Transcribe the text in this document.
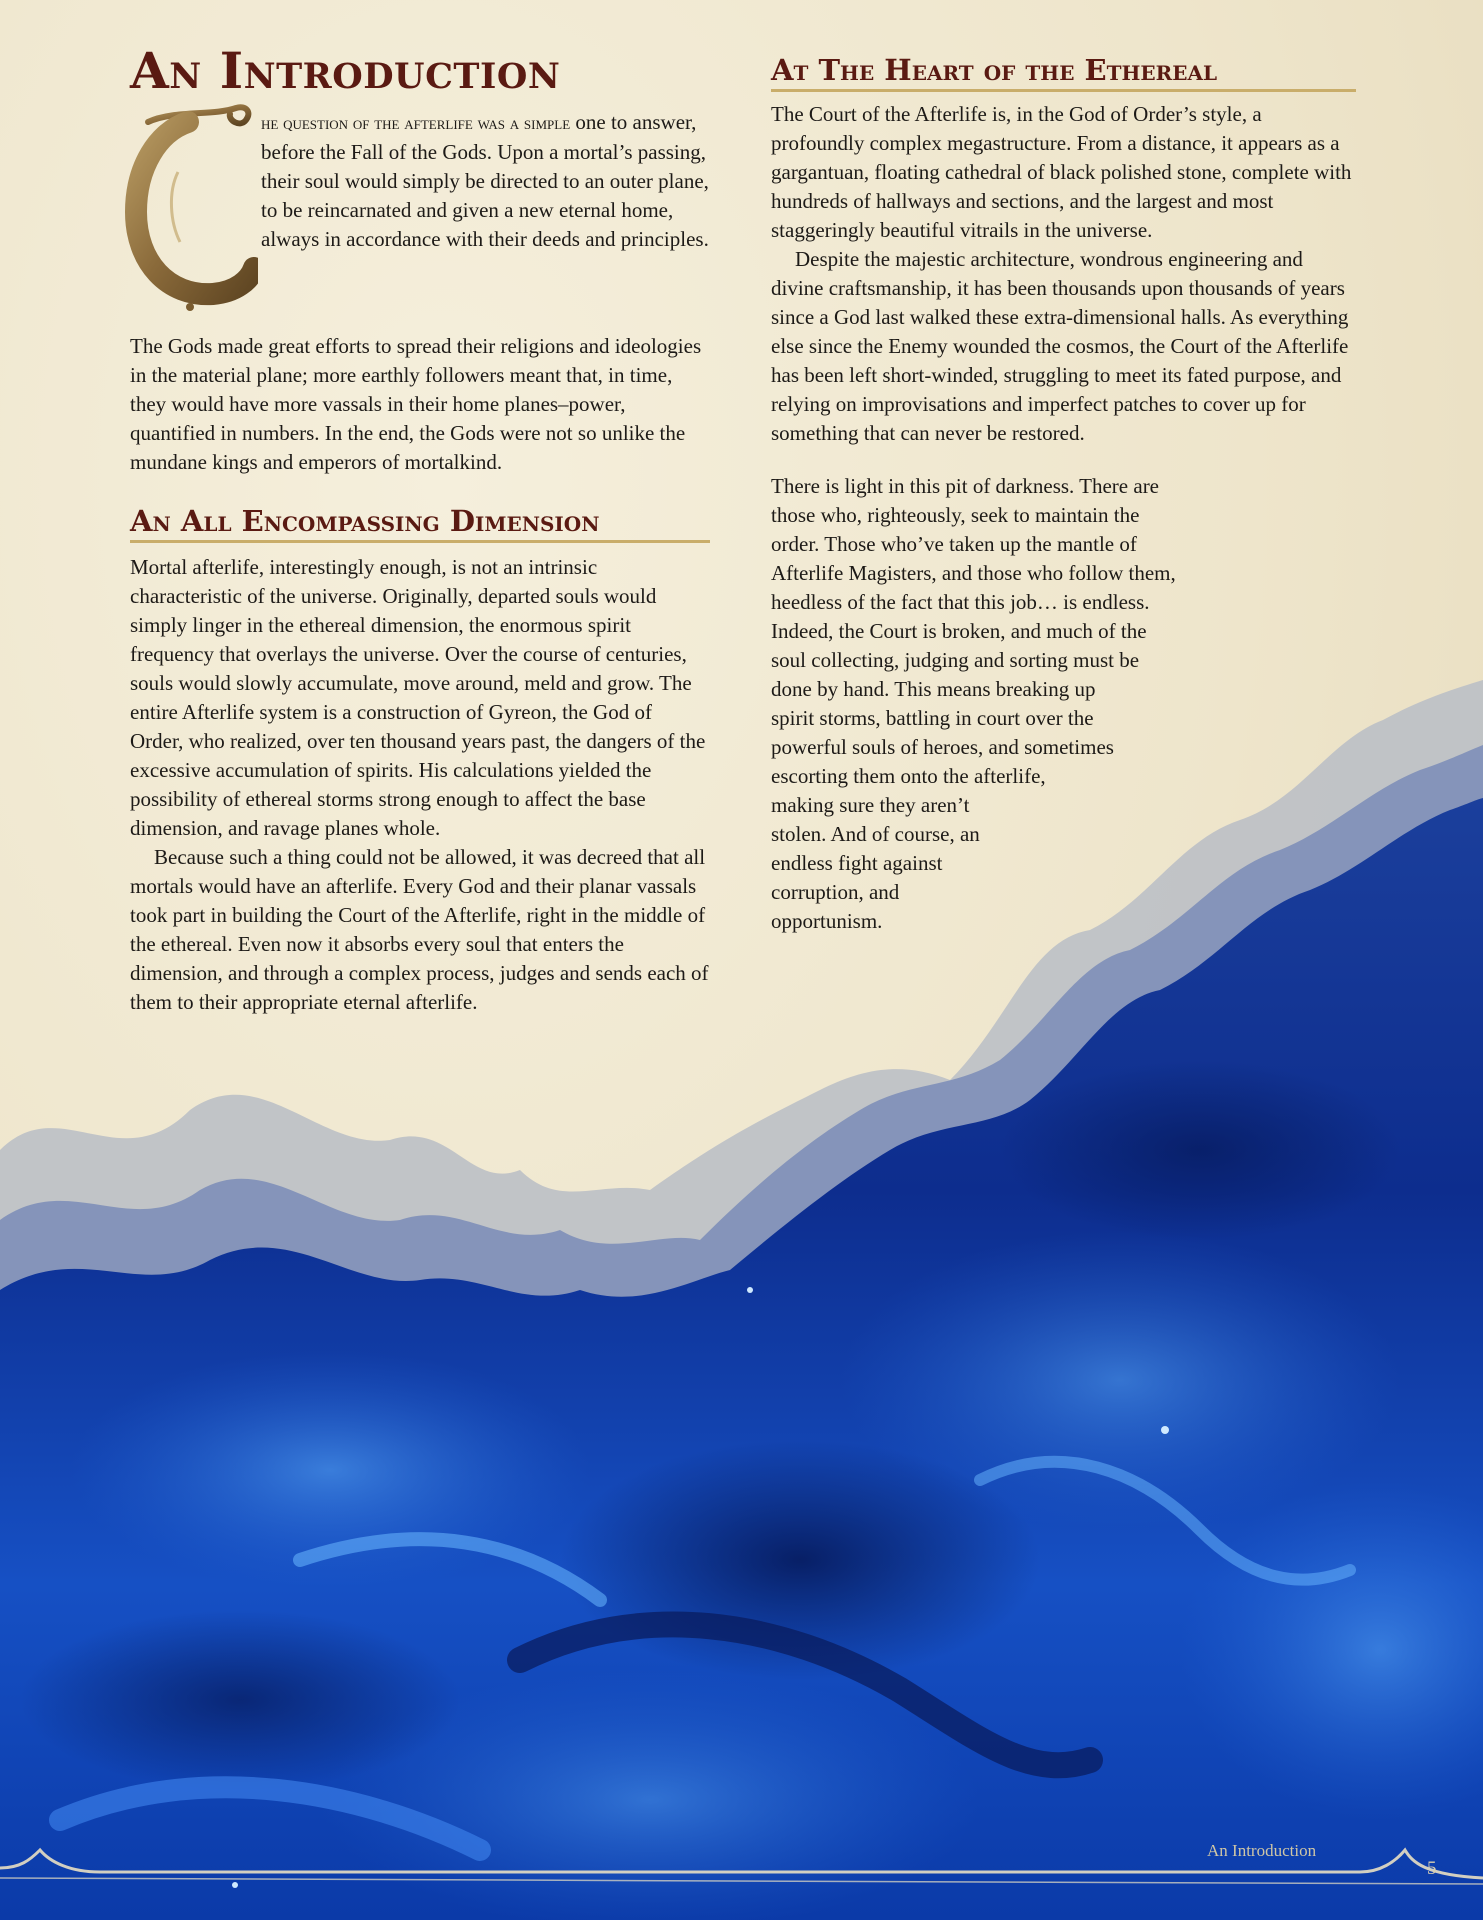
An Introduction

he question of the afterlife was a simple one to answer, before the Fall of the Gods. Upon a mortal’s passing, their soul would simply be directed to an outer plane, to be reincarnated and given a new eternal home, always in accordance with their deeds and principles.

The Gods made great efforts to spread their religions and ideologies in the material plane; more earthly followers meant that, in time, they would have more vassals in their home planes–power, quantified in numbers. In the end, the Gods were not so unlike the mundane kings and emperors of mortalkind.

An All Encompassing Dimension

Mortal afterlife, interestingly enough, is not an intrinsic characteristic of the universe. Originally, departed souls would simply linger in the ethereal dimension, the enormous spirit frequency that overlays the universe. Over the course of centuries, souls would slowly accumulate, move around, meld and grow. The entire Afterlife system is a construction of Gyreon, the God of Order, who realized, over ten thousand years past, the dangers of the excessive accumulation of spirits. His calculations yielded the possibility of ethereal storms strong enough to affect the base dimension, and ravage planes whole.

Because such a thing could not be allowed, it was decreed that all mortals would have an afterlife. Every God and their planar vassals took part in building the Court of the Afterlife, right in the middle of the ethereal. Even now it absorbs every soul that enters the dimension, and through a complex process, judges and sends each of them to their appropriate eternal afterlife.

At The Heart of the Ethereal

The Court of the Afterlife is, in the God of Order’s style, a profoundly complex megastructure. From a distance, it appears as a gargantuan, floating cathedral of black polished stone, complete with hundreds of hallways and sections, and the largest and most staggeringly beautiful vitrails in the universe.

Despite the majestic architecture, wondrous engineering and divine craftsmanship, it has been thousands upon thousands of years since a God last walked these extra-dimensional halls. As everything else since the Enemy wounded the cosmos, the Court of the Afterlife has been left short-winded, struggling to meet its fated purpose, and relying on improvisations and imperfect patches to cover up for something that can never be restored.

There is light in this pit of darkness. There are
those who, righteously, seek to maintain the
order. Those who’ve taken up the mantle of
Afterlife Magisters, and those who follow them,
heedless of the fact that this job… is endless.
Indeed, the Court is broken, and much of the
soul collecting, judging and sorting must be
done by hand. This means breaking up
spirit storms, battling in court over the
powerful souls of heroes, and sometimes
escorting them onto the afterlife,
making sure they aren’t
stolen. And of course, an
endless fight against
corruption, and
opportunism.
An Introduction
5
